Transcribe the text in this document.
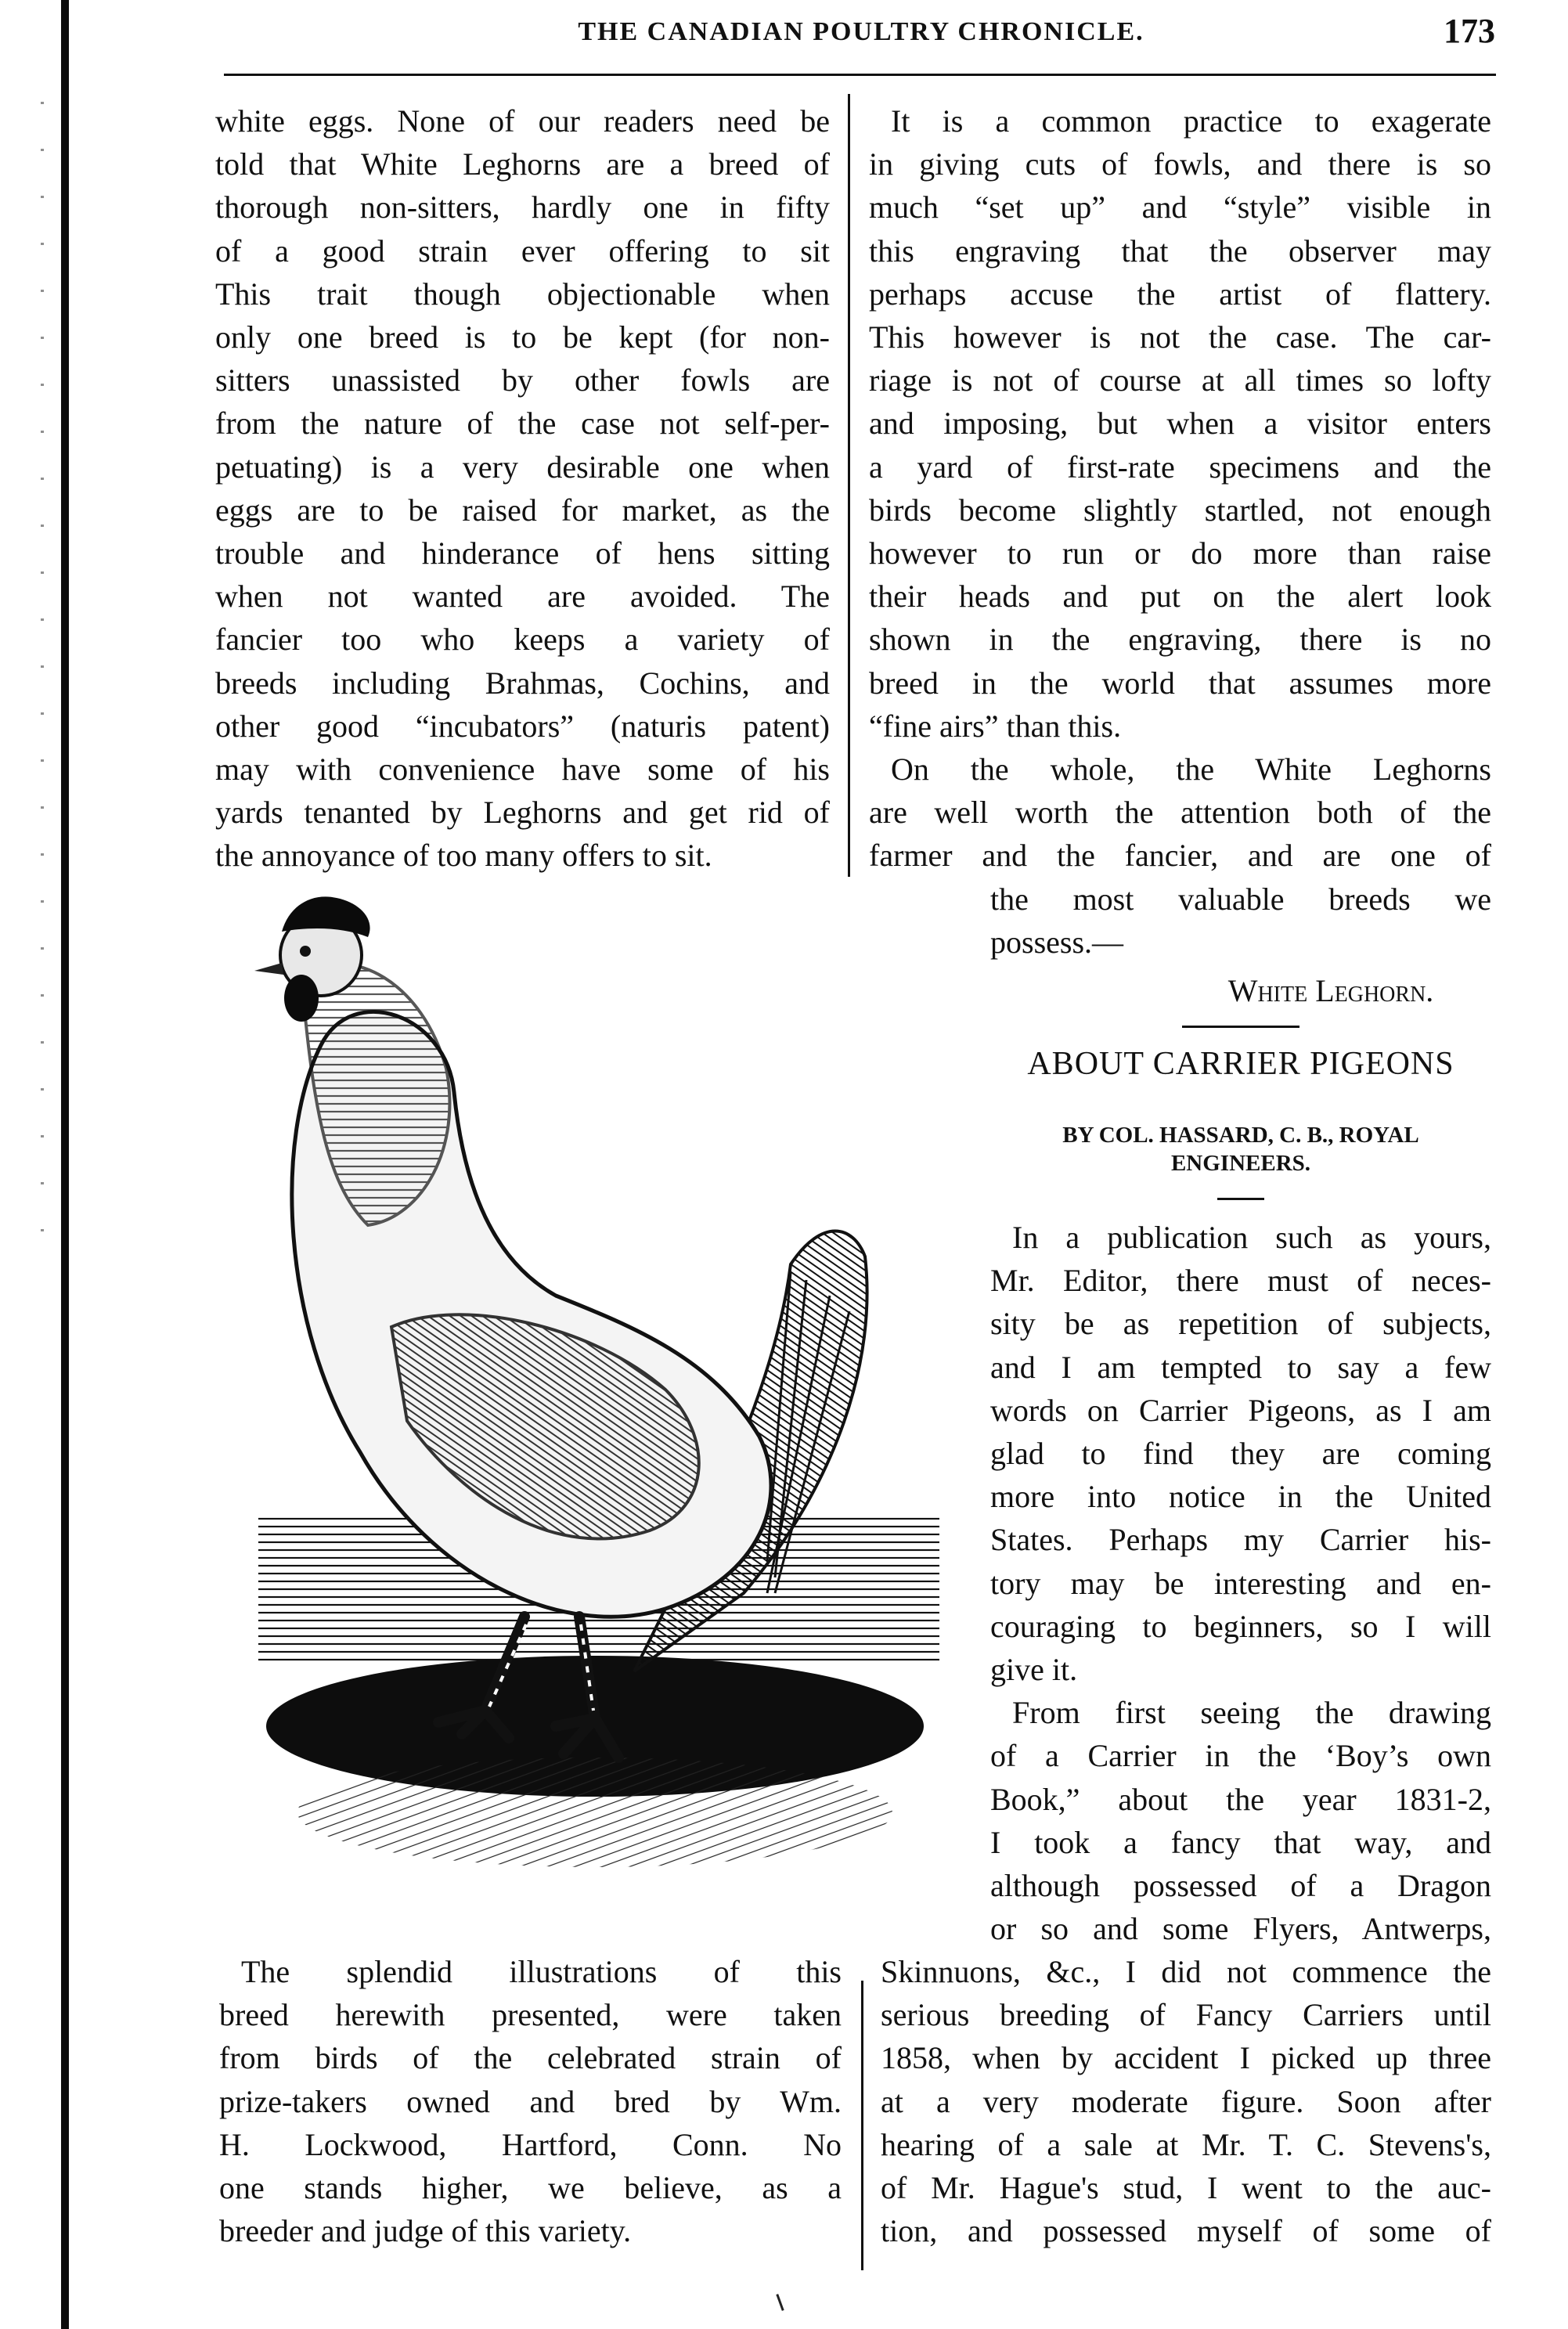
THE CANADIAN POULTRY CHRONICLE.	173

white eggs. None of our readers need be

told that White Leghorns are a breed of

thorough non-sitters, hardly one in fifty

of a good strain ever offering to sit

This trait though objectionable when

only one breed is to be kept (for non-

sitters unassisted by other fowls are

from the nature of the case not self-per-

petuating) is a very desirable one when

eggs are to be raised for market, as the

trouble and hinderance of hens sitting

when not wanted are avoided. The

fancier too who keeps a variety of

breeds including Brahmas, Cochins, and

other good “incubators” (naturis patent)

may with convenience have some of his

yards tenanted by Leghorns and get rid of

the annoyance of too many offers to sit.

It is a common practice to exagerate

in giving cuts of fowls, and there is so

much “set up” and “style” visible in

this engraving that the observer may

perhaps accuse the artist of flattery.

This however is not the case. The car-

riage is not of course at all times so lofty

and imposing, but when a visitor enters

a yard of first-rate specimens and the

birds become slightly startled, not enough

however to run or do more than raise

their heads and put on the alert look

shown in the engraving, there is no

breed in the world that assumes more

“fine airs” than this.

On the whole, the White Leghorns

are well worth the attention both of the

farmer and the fancier, and are one of

the most valuable breeds we

possess.—

White Leghorn.

ABOUT CARRIER PIGEONS
BY COL. HASSARD, C. B., ROYAL
ENGINEERS.

In a publication such as yours,

Mr. Editor, there must of neces-

sity be as repetition of subjects,

and I am tempted to say a few

words on Carrier Pigeons, as I am

glad to find they are coming

more into notice in the United

States. Perhaps my Carrier his-

tory may be interesting and en-

couraging to beginners, so I will

give it.

From first seeing the drawing

of a Carrier in the ‘Boy’s own

Book,” about the year 1831-2,

I took a fancy that way, and

although possessed of a Dragon

or so and some Flyers, Antwerps,

Skinnuons, &c., I did not commence the

serious breeding of Fancy Carriers until

1858, when by accident I picked up three

at a very moderate figure. Soon after

hearing of a sale at Mr. T. C. Stevens's,

of Mr. Hague's stud, I went to the auc-

tion, and possessed myself of some of

The splendid illustrations of this

breed herewith presented, were taken

from birds of the celebrated strain of

prize-takers owned and bred by Wm.

H. Lockwood, Hartford, Conn. No

one stands higher, we believe, as a

breeder and judge of this variety.
